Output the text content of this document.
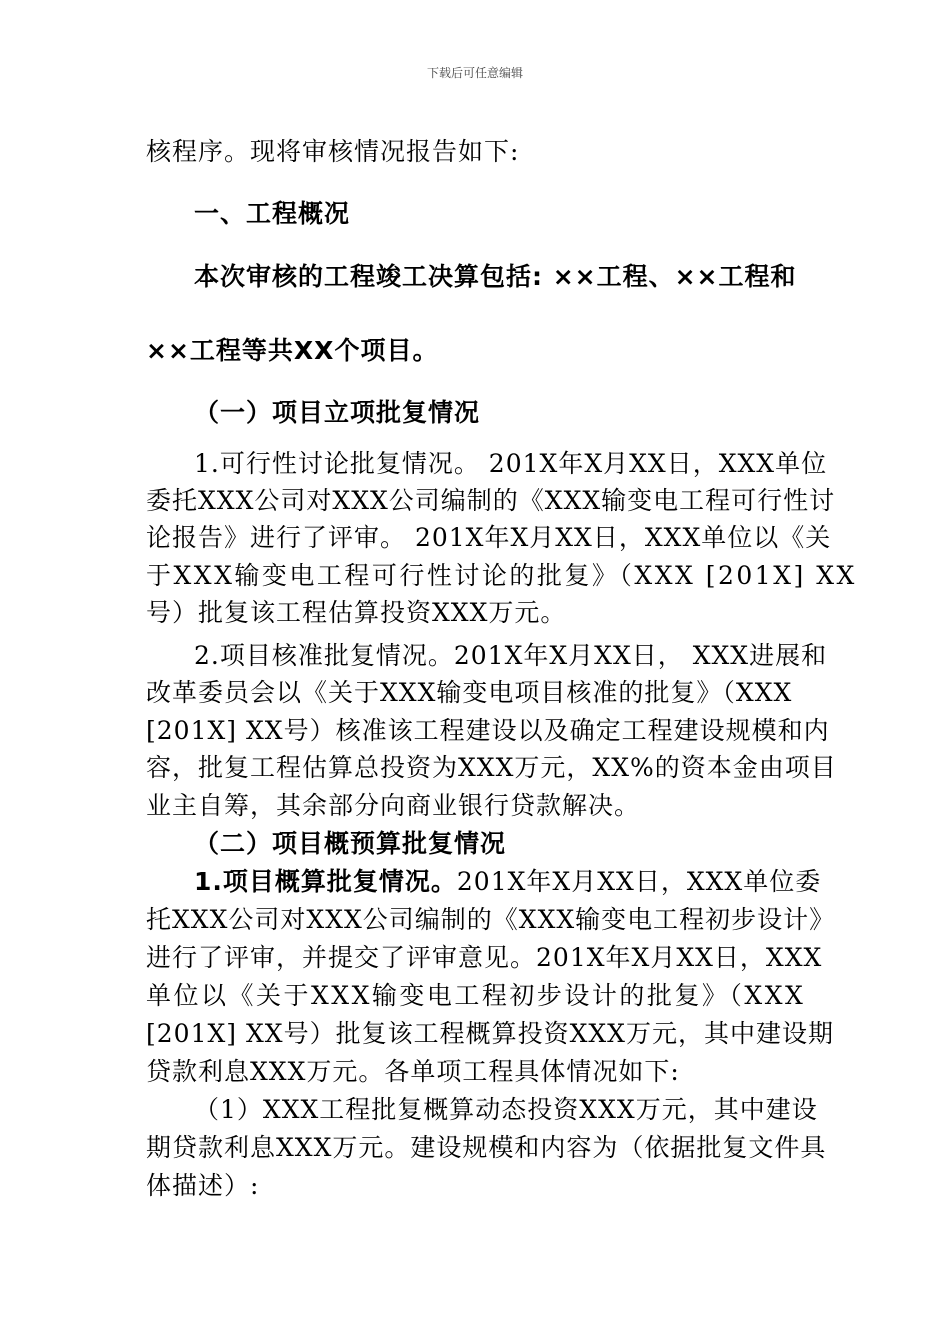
下载后可任意编辑
核程序。现将审核情况报告如下:
一、工程概况
本次审核的工程竣工决算包括: ××工程、××工程和
××工程等共XX个项目。
（一）项目立项批复情况
1.可行性讨论批复情况。 201X年X月XX日，XXX单位
委托XXX公司对XXX公司编制的《XXX输变电工程可行性讨
论报告》进行了评审。 201X年X月XX日，XXX单位以《关
于XXX输变电工程可行性讨论的批复》（XXX [201X] XX
号）批复该工程估算投资XXX万元。
2.项目核准批复情况。201X年X月XX日， XXX进展和
改革委员会以《关于XXX输变电项目核准的批复》（XXX
[201X] XX号）核准该工程建设以及确定工程建设规模和内
容，批复工程估算总投资为XXX万元，XX%的资本金由项目
业主自筹，其余部分向商业银行贷款解决。
（二）项目概预算批复情况
1.项目概算批复情况。201X年X月XX日，XXX单位委
托XXX公司对XXX公司编制的《XXX输变电工程初步设计》
进行了评审，并提交了评审意见。201X年X月XX日，XXX
单位以《关于XXX输变电工程初步设计的批复》（XXX
[201X] XX号）批复该工程概算投资XXX万元，其中建设期
贷款利息XXX万元。各单项工程具体情况如下:
（1）XXX工程批复概算动态投资XXX万元，其中建设
期贷款利息XXX万元。建设规模和内容为（依据批复文件具
体描述）:
